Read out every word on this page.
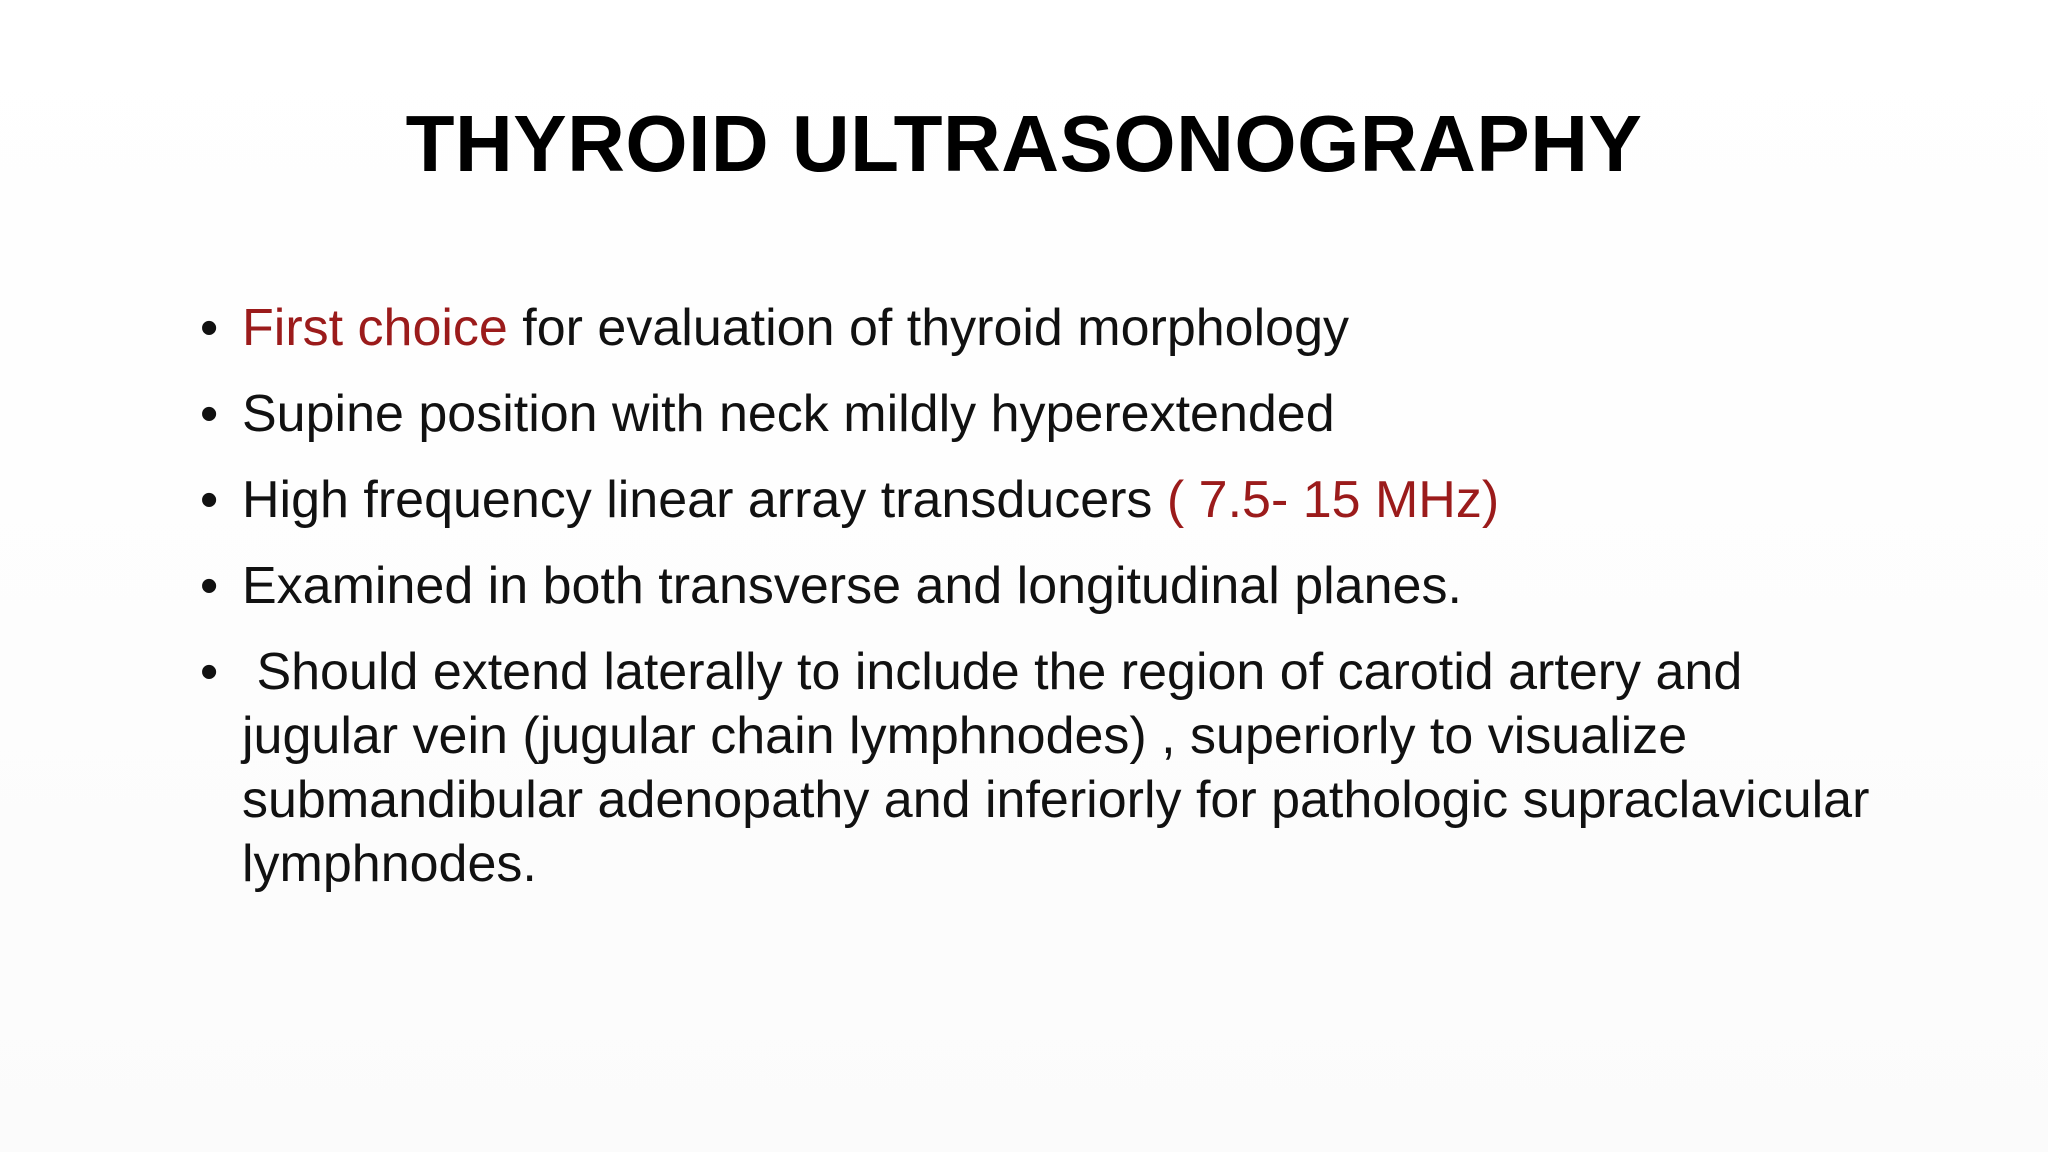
THYROID ULTRASONOGRAPHY
• First choice for evaluation of thyroid morphology
• Supine position with neck mildly hyperextended
• High frequency linear array transducers ( 7.5- 15 MHz)
• Examined in both transverse and longitudinal planes.
• Should extend laterally to include the region of carotid artery and jugular vein (jugular chain lymphnodes) , superiorly to visualize submandibular adenopathy and inferiorly for pathologic supraclavicular lymphnodes.
